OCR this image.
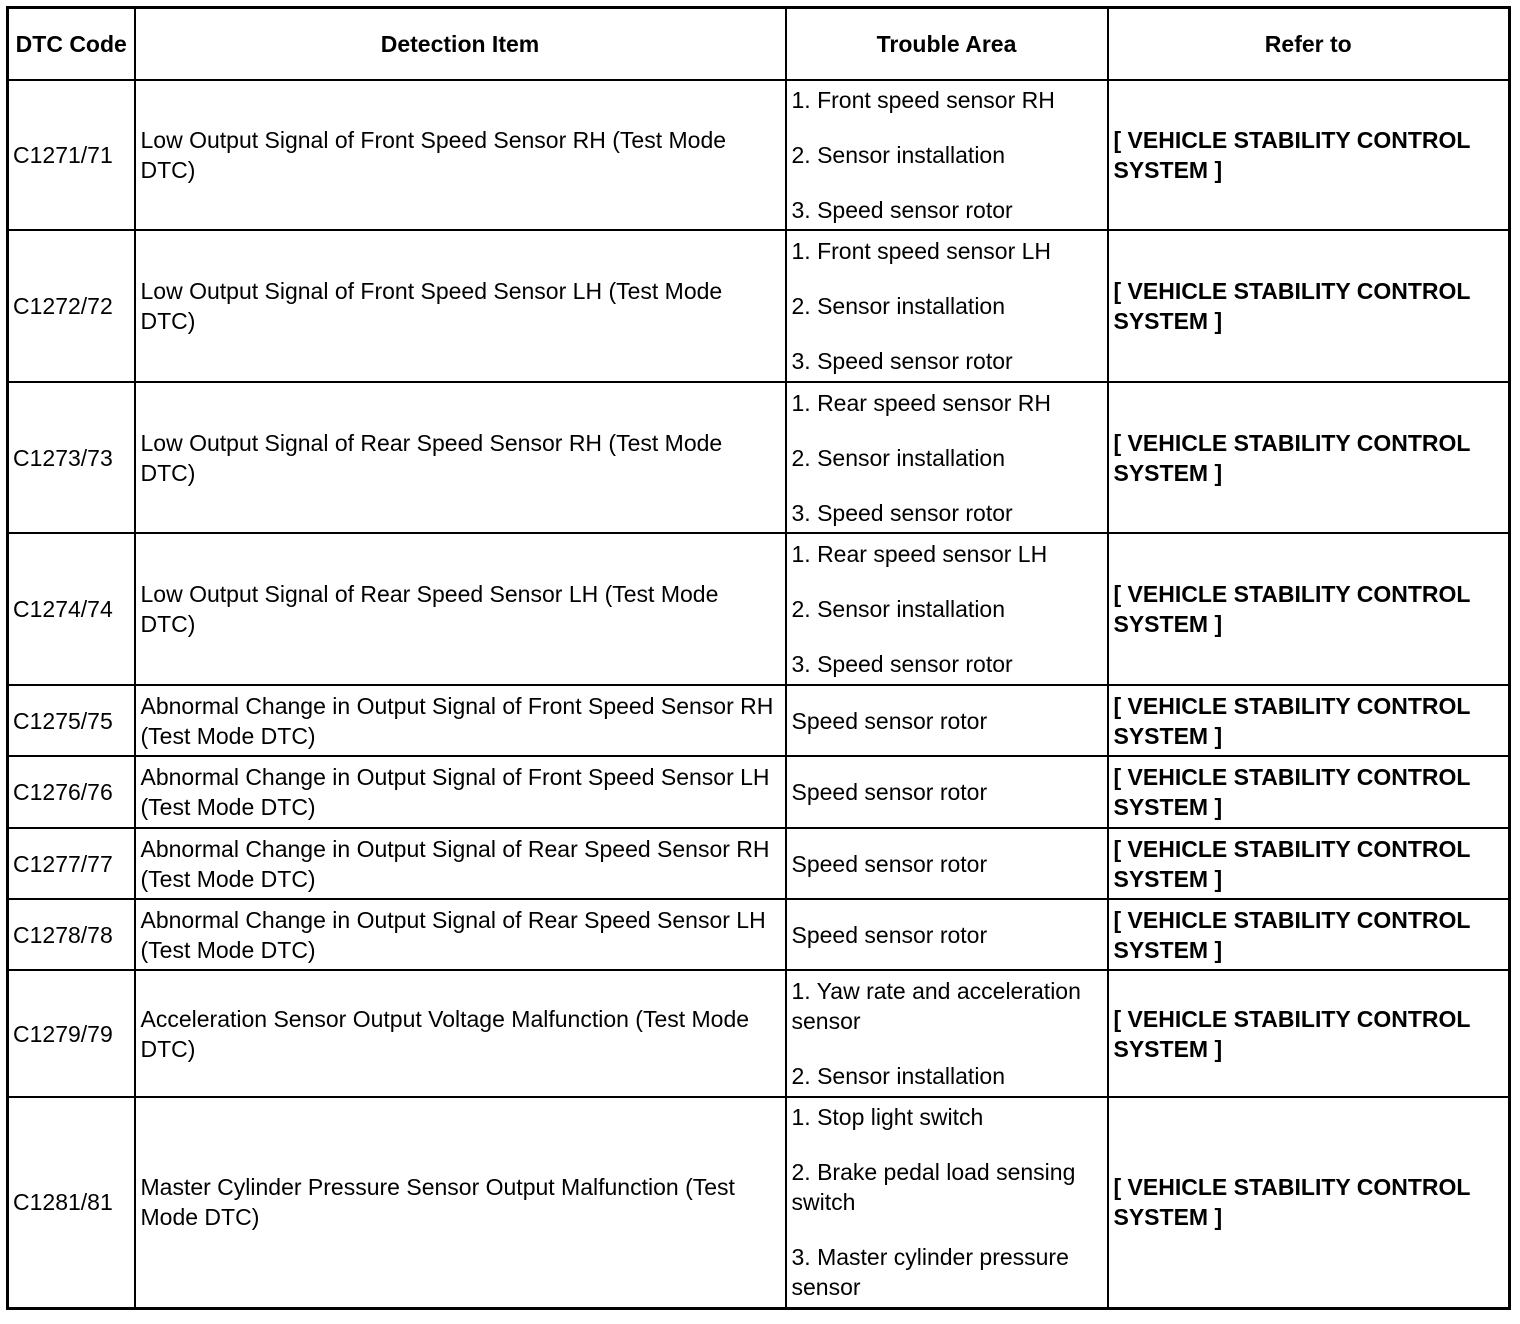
DTC Code	Detection Item	Trouble Area	Refer to
C1271/71	Low Output Signal of Front Speed Sensor RH (Test Mode DTC)	1. Front speed sensor RH
2. Sensor installation
3. Speed sensor rotor	[ VEHICLE STABILITY CONTROL SYSTEM ]
C1272/72	Low Output Signal of Front Speed Sensor LH (Test Mode DTC)	1. Front speed sensor LH
2. Sensor installation
3. Speed sensor rotor	[ VEHICLE STABILITY CONTROL SYSTEM ]
C1273/73	Low Output Signal of Rear Speed Sensor RH (Test Mode DTC)	1. Rear speed sensor RH
2. Sensor installation
3. Speed sensor rotor	[ VEHICLE STABILITY CONTROL SYSTEM ]
C1274/74	Low Output Signal of Rear Speed Sensor LH (Test Mode DTC)	1. Rear speed sensor LH
2. Sensor installation
3. Speed sensor rotor	[ VEHICLE STABILITY CONTROL SYSTEM ]
C1275/75	Abnormal Change in Output Signal of Front Speed Sensor RH (Test Mode DTC)	Speed sensor rotor	[ VEHICLE STABILITY CONTROL SYSTEM ]
C1276/76	Abnormal Change in Output Signal of Front Speed Sensor LH (Test Mode DTC)	Speed sensor rotor	[ VEHICLE STABILITY CONTROL SYSTEM ]
C1277/77	Abnormal Change in Output Signal of Rear Speed Sensor RH (Test Mode DTC)	Speed sensor rotor	[ VEHICLE STABILITY CONTROL SYSTEM ]
C1278/78	Abnormal Change in Output Signal of Rear Speed Sensor LH (Test Mode DTC)	Speed sensor rotor	[ VEHICLE STABILITY CONTROL SYSTEM ]
C1279/79	Acceleration Sensor Output Voltage Malfunction (Test Mode DTC)	1. Yaw rate and acceleration sensor
2. Sensor installation	[ VEHICLE STABILITY CONTROL SYSTEM ]
C1281/81	Master Cylinder Pressure Sensor Output Malfunction (Test Mode DTC)	1. Stop light switch
2. Brake pedal load sensing switch
3. Master cylinder pressure sensor	[ VEHICLE STABILITY CONTROL SYSTEM ]
